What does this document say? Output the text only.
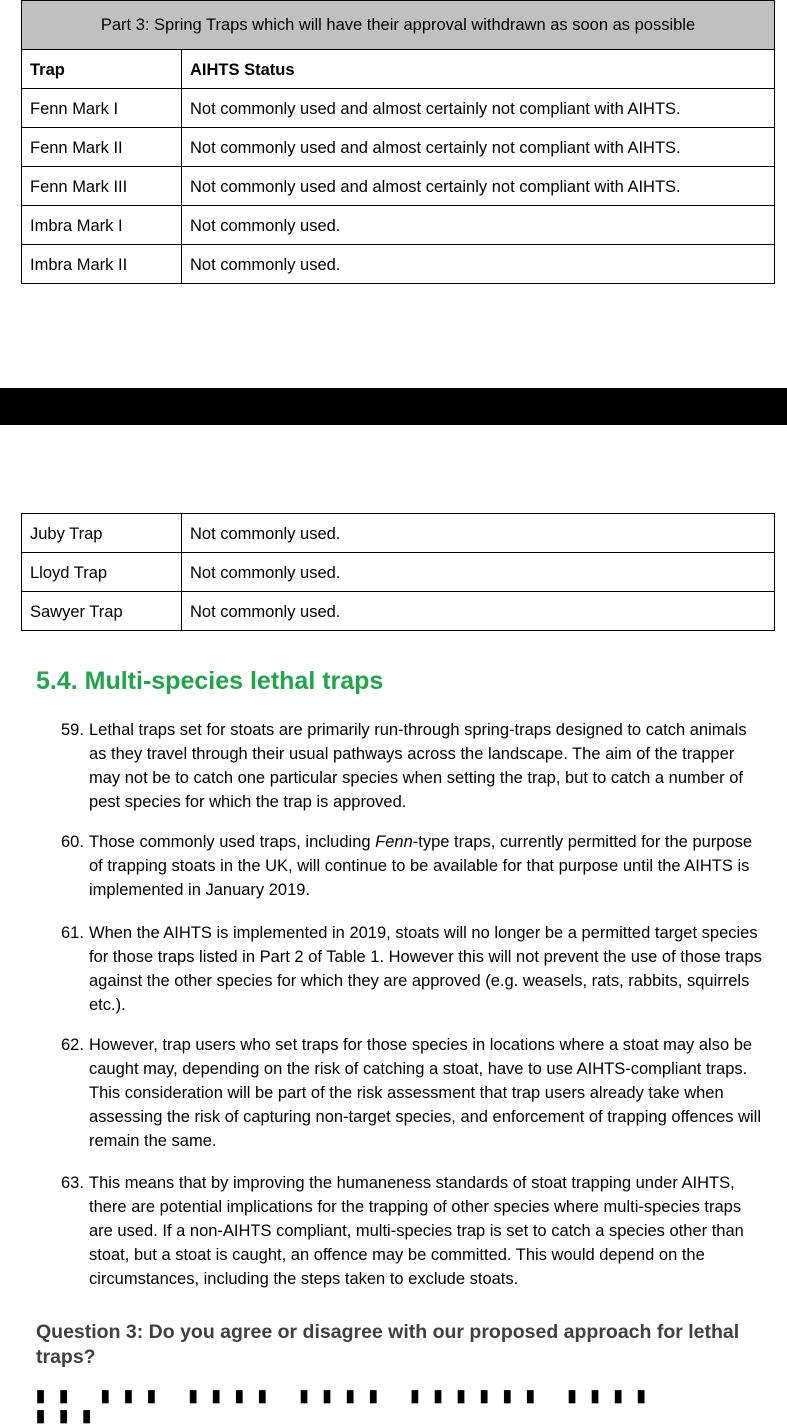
Part 3: Spring Traps which will have their approval withdrawn as soon as possible	
Trap	AIHTS Status
Fenn Mark I	Not commonly used and almost certainly not compliant with AIHTS.
Fenn Mark II	Not commonly used and almost certainly not compliant with AIHTS.
Fenn Mark III	Not commonly used and almost certainly not compliant with AIHTS.
Imbra Mark I	Not commonly used.
Imbra Mark II	Not commonly used.
Juby Trap	Not commonly used.
Lloyd Trap	Not commonly used.
Sawyer Trap	Not commonly used.
5.4. Multi-species lethal traps
59. Lethal traps set for stoats are primarily run-through spring-traps designed to catch animals as they travel through their usual pathways across the landscape. The aim of the trapper may not be to catch one particular species when setting the trap, but to catch a number of pest species for which the trap is approved.
60. Those commonly used traps, including Fenn-type traps, currently permitted for the purpose of trapping stoats in the UK, will continue to be available for that purpose until the AIHTS is implemented in January 2019.
61. When the AIHTS is implemented in 2019, stoats will no longer be a permitted target species for those traps listed in Part 2 of Table 1. However this will not prevent the use of those traps against the other species for which they are approved (e.g. weasels, rats, rabbits, squirrels etc.).
62. However, trap users who set traps for those species in locations where a stoat may also be caught may, depending on the risk of catching a stoat, have to use AIHTS-compliant traps. This consideration will be part of the risk assessment that trap users already take when assessing the risk of capturing non-target species, and enforcement of trapping offences will remain the same.
63. This means that by improving the humaneness standards of stoat trapping under AIHTS, there are potential implications for the trapping of other species where multi-species traps are used. If a non-AIHTS compliant, multi-species trap is set to catch a species other than stoat, but a stoat is caught, an offence may be committed. This would depend on the circumstances, including the steps taken to exclude stoats.

Question 3: Do you agree or disagree with our proposed approach for lethal traps?

▮▮ ▮▮▮ ▮▮▮▮ ▮▮▮▮ ▮▮▮▮▮▮ ▮▮▮▮ ▮▮▮
